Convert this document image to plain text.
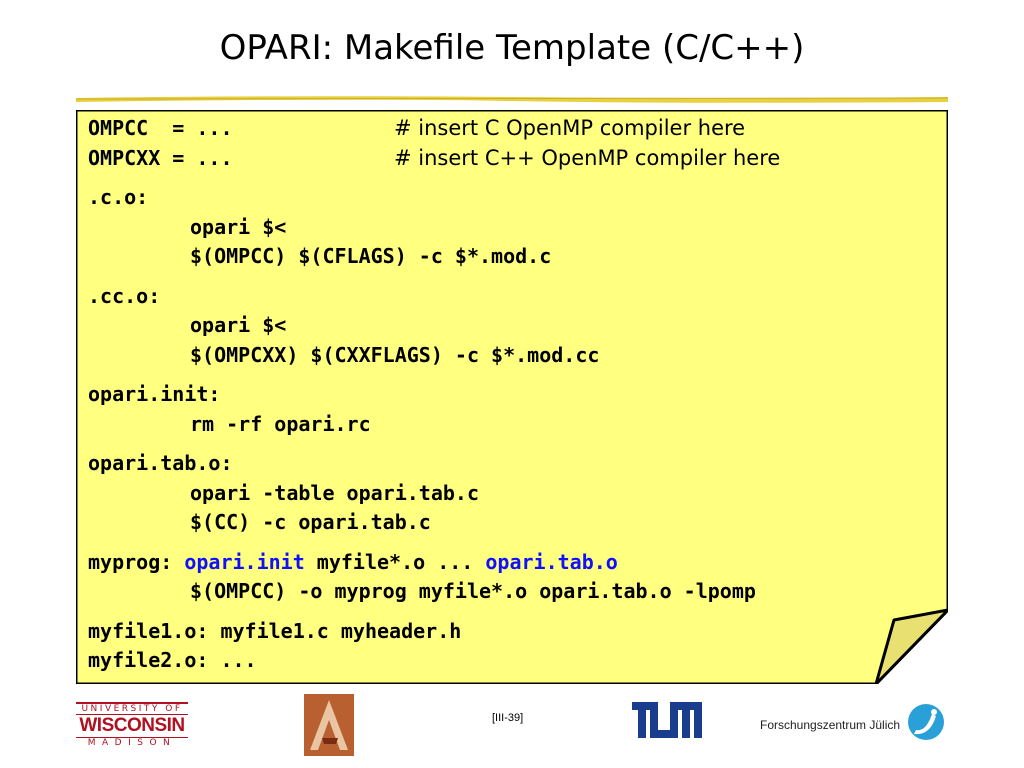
OPARI: Makefile Template (C/C++)
OMPCC  = ...	# insert C OpenMP compiler here
OMPCXX = ...	# insert C++ OpenMP compiler here
.c.o:
opari $<
$(OMPCC) $(CFLAGS) -c $*.mod.c
.cc.o:
opari $<
$(OMPCXX) $(CXXFLAGS) -c $*.mod.cc
opari.init:
rm -rf opari.rc
opari.tab.o:
opari -table opari.tab.c
$(CC) -c opari.tab.c
myprog: opari.init myfile*.o ... opari.tab.o
$(OMPCC) -o myprog myfile*.o opari.tab.o -lpomp
myfile1.o: myfile1.c myheader.h
myfile2.o: ...
UNIVERSITY OF
WISCONSIN
MADISON
[III-39]	Forschungszentrum Jülich
